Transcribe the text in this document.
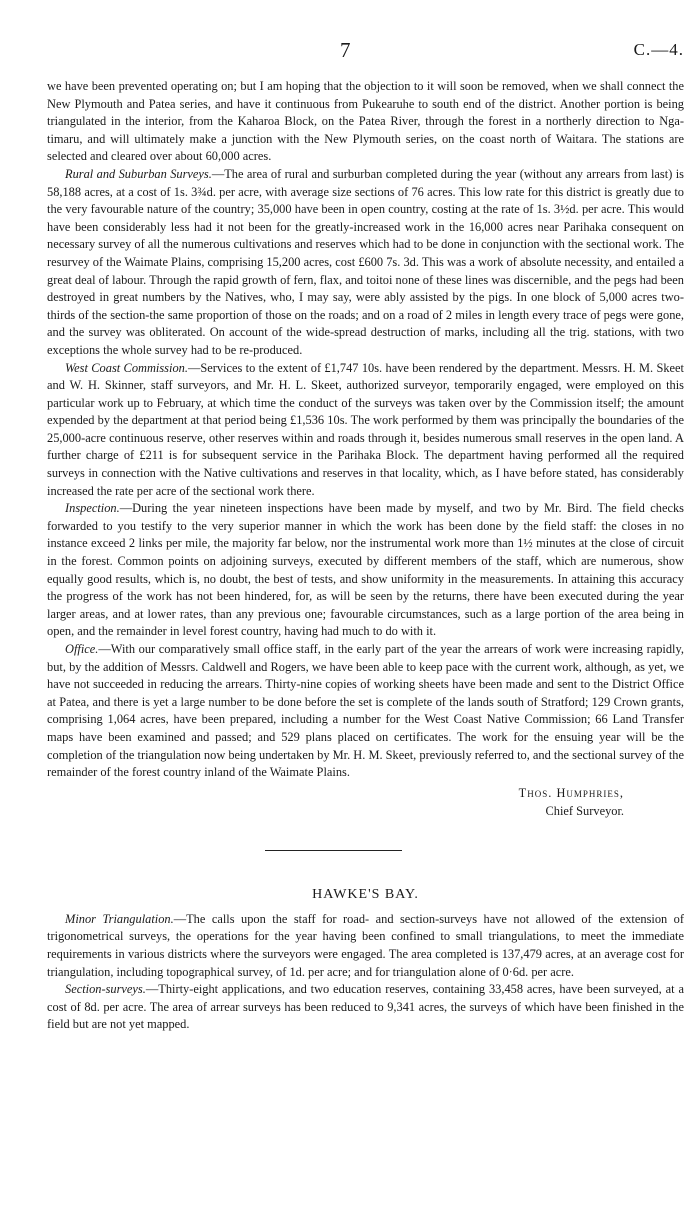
7	C.—4.

we have been prevented operating on; but I am hoping that the objection to it will soon be removed, when we shall connect the New Plymouth and Patea series, and have it continuous from Pukearuhe to south end of the district. Another portion is being triangulated in the interior, from the Kaharoa Block, on the Patea River, through the forest in a northerly direction to Nga-timaru, and will ultimately make a junction with the New Plymouth series, on the coast north of Waitara. The stations are selected and cleared over about 60,000 acres.

Rural and Suburban Surveys.—The area of rural and surburban completed during the year (without any arrears from last) is 58,188 acres, at a cost of 1s. 3¾d. per acre, with average size sections of 76 acres. This low rate for this district is greatly due to the very favourable nature of the country; 35,000 have been in open country, costing at the rate of 1s. 3½d. per acre. This would have been considerably less had it not been for the greatly-increased work in the 16,000 acres near Parihaka consequent on necessary survey of all the numerous cultivations and reserves which had to be done in conjunction with the sectional work. The resurvey of the Waimate Plains, comprising 15,200 acres, cost £600 7s. 3d. This was a work of absolute necessity, and entailed a great deal of labour. Through the rapid growth of fern, flax, and toitoi none of these lines was discernible, and the pegs had been destroyed in great numbers by the Natives, who, I may say, were ably assisted by the pigs. In one block of 5,000 acres two-thirds of the section-the same proportion of those on the roads; and on a road of 2 miles in length every trace of pegs were gone, and the survey was obliterated. On account of the wide-spread destruction of marks, including all the trig. stations, with two exceptions the whole survey had to be re-produced.

West Coast Commission.—Services to the extent of £1,747 10s. have been rendered by the department. Messrs. H. M. Skeet and W. H. Skinner, staff surveyors, and Mr. H. L. Skeet, authorized surveyor, temporarily engaged, were employed on this particular work up to February, at which time the conduct of the surveys was taken over by the Commission itself; the amount expended by the department at that period being £1,536 10s. The work performed by them was principally the boundaries of the 25,000-acre continuous reserve, other reserves within and roads through it, besides numerous small reserves in the open land. A further charge of £211 is for subsequent service in the Parihaka Block. The department having performed all the required surveys in connection with the Native cultivations and reserves in that locality, which, as I have before stated, has considerably increased the rate per acre of the sectional work there.

Inspection.—During the year nineteen inspections have been made by myself, and two by Mr. Bird. The field checks forwarded to you testify to the very superior manner in which the work has been done by the field staff: the closes in no instance exceed 2 links per mile, the majority far below, nor the instrumental work more than 1½ minutes at the close of circuit in the forest. Common points on adjoining surveys, executed by different members of the staff, which are numerous, show equally good results, which is, no doubt, the best of tests, and show uniformity in the measurements. In attaining this accuracy the progress of the work has not been hindered, for, as will be seen by the returns, there have been executed during the year larger areas, and at lower rates, than any previous one; favourable circumstances, such as a large portion of the area being in open, and the remainder in level forest country, having had much to do with it.

Office.—With our comparatively small office staff, in the early part of the year the arrears of work were increasing rapidly, but, by the addition of Messrs. Caldwell and Rogers, we have been able to keep pace with the current work, although, as yet, we have not succeeded in reducing the arrears. Thirty-nine copies of working sheets have been made and sent to the District Office at Patea, and there is yet a large number to be done before the set is complete of the lands south of Stratford; 129 Crown grants, comprising 1,064 acres, have been prepared, including a number for the West Coast Native Commission; 66 Land Transfer maps have been examined and passed; and 529 plans placed on certificates. The work for the ensuing year will be the completion of the triangulation now being undertaken by Mr. H. M. Skeet, previously referred to, and the sectional survey of the remainder of the forest country inland of the Waimate Plains.

Thos. Humphries,
Chief Surveyor.
HAWKE'S BAY.

Minor Triangulation.—The calls upon the staff for road- and section-surveys have not allowed of the extension of trigonometrical surveys, the operations for the year having been confined to small triangulations, to meet the immediate requirements in various districts where the surveyors were engaged. The area completed is 137,479 acres, at an average cost for triangulation, including topographical survey, of 1d. per acre; and for triangulation alone of 0·6d. per acre.

Section-surveys.—Thirty-eight applications, and two education reserves, containing 33,458 acres, have been surveyed, at a cost of 8d. per acre. The area of arrear surveys has been reduced to 9,341 acres, the surveys of which have been finished in the field but are not yet mapped.
